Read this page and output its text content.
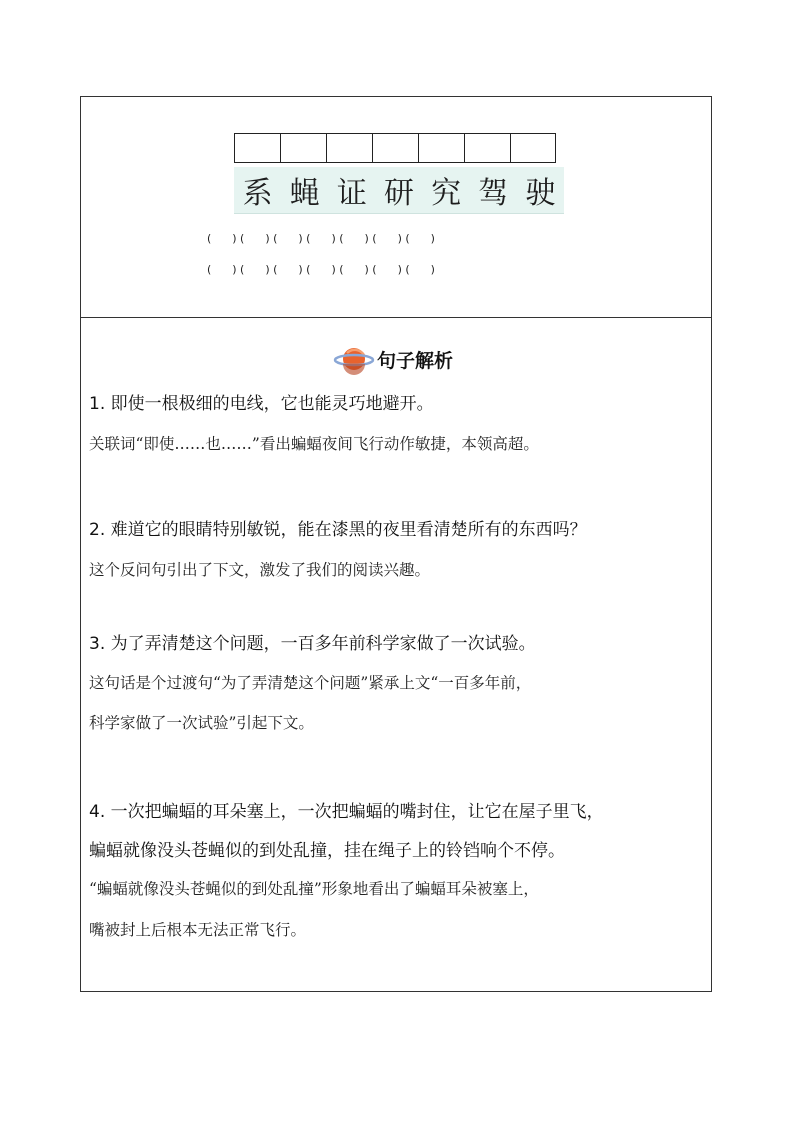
系 蝇 证 研 究 驾 驶
(      ) (      ) (      ) (      ) (      ) (      ) (      )
(      ) (      ) (      ) (      ) (      ) (      ) (      )
句子解析
1. 即使一根极细的电线，它也能灵巧地避开。
关联词“即使……也……”看出蝙蝠夜间飞行动作敏捷，本领高超。
2. 难道它的眼睛特别敏锐，能在漆黑的夜里看清楚所有的东西吗？
这个反问句引出了下文，激发了我们的阅读兴趣。
3. 为了弄清楚这个问题，一百多年前科学家做了一次试验。
这句话是个过渡句“为了弄清楚这个问题”紧承上文“一百多年前，
科学家做了一次试验”引起下文。
4. 一次把蝙蝠的耳朵塞上，一次把蝙蝠的嘴封住，让它在屋子里飞，
蝙蝠就像没头苍蝇似的到处乱撞，挂在绳子上的铃铛响个不停。
“蝙蝠就像没头苍蝇似的到处乱撞”形象地看出了蝙蝠耳朵被塞上，
嘴被封上后根本无法正常飞行。
